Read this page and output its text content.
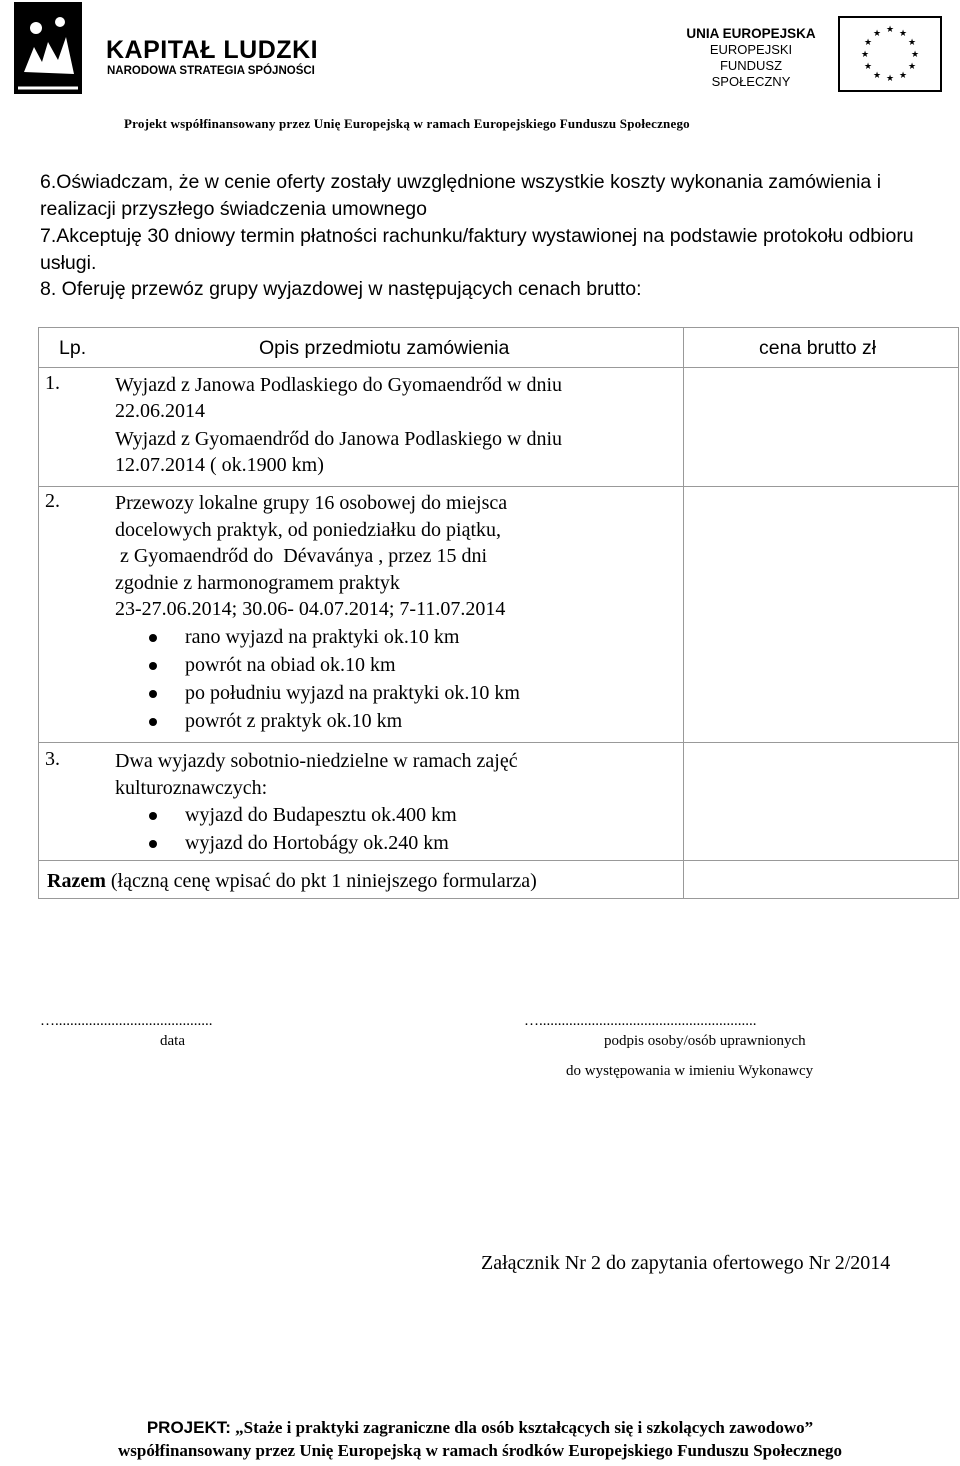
KAPITAŁ LUDZKI
NARODOWA STRATEGIA SPÓJNOŚCI
UNIA EUROPEJSKA
EUROPEJSKI
FUNDUSZ SPOŁECZNY
★ ★
★
★
★
★
★
★
★
★
★
★
Projekt współfinansowany przez Unię Europejską w ramach Europejskiego Funduszu Społecznego
6.Oświadczam, że w cenie oferty zostały uwzględnione wszystkie koszty wykonania zamówienia i realizacji przyszłego świadczenia umownego
7.Akceptuję 30 dniowy termin płatności rachunku/faktury wystawionej na podstawie protokołu odbioru usługi.
8. Oferuję przewóz grupy wyjazdowej w następujących cenach brutto:
Lp.	Opis przedmiotu zamówienia	cena brutto zł
1.	Wyjazd z Janowa Podlaskiego do Gyomaendrőd w dniu
22.06.2014
Wyjazd z Gyomaendrőd do Janowa Podlaskiego w dniu
12.07.2014 ( ok.1900 km)
2.	Przewozy lokalne grupy 16 osobowej do miejsca
docelowych praktyk, od poniedziałku do piątku,
z Gyomaendrőd do  Dévaványa , przez 15 dni
zgodnie z harmonogramem praktyk
23-27.06.2014; 30.06- 04.07.2014; 7-11.07.2014
rano wyjazd na praktyki ok.10 km
powrót na obiad ok.10 km
po południu wyjazd na praktyki ok.10 km
powrót z praktyk ok.10 km
3.	Dwa wyjazdy sobotnio-niedzielne w ramach zajęć
kulturoznawczych:
wyjazd do Budapesztu ok.400 km
wyjazd do Hortobágy ok.240 km
Razem (łączną cenę wpisać do pkt 1 niniejszego formularza)
…..........................................
data
…..........................................................
podpis osoby/osób uprawnionych
do występowania w imieniu Wykonawcy
Załącznik Nr 2 do zapytania ofertowego Nr 2/2014
PROJEKT: „Staże i praktyki zagraniczne dla osób kształcących się i szkolących zawodowo”
współfinansowany przez Unię Europejską w ramach środków Europejskiego Funduszu Społecznego
